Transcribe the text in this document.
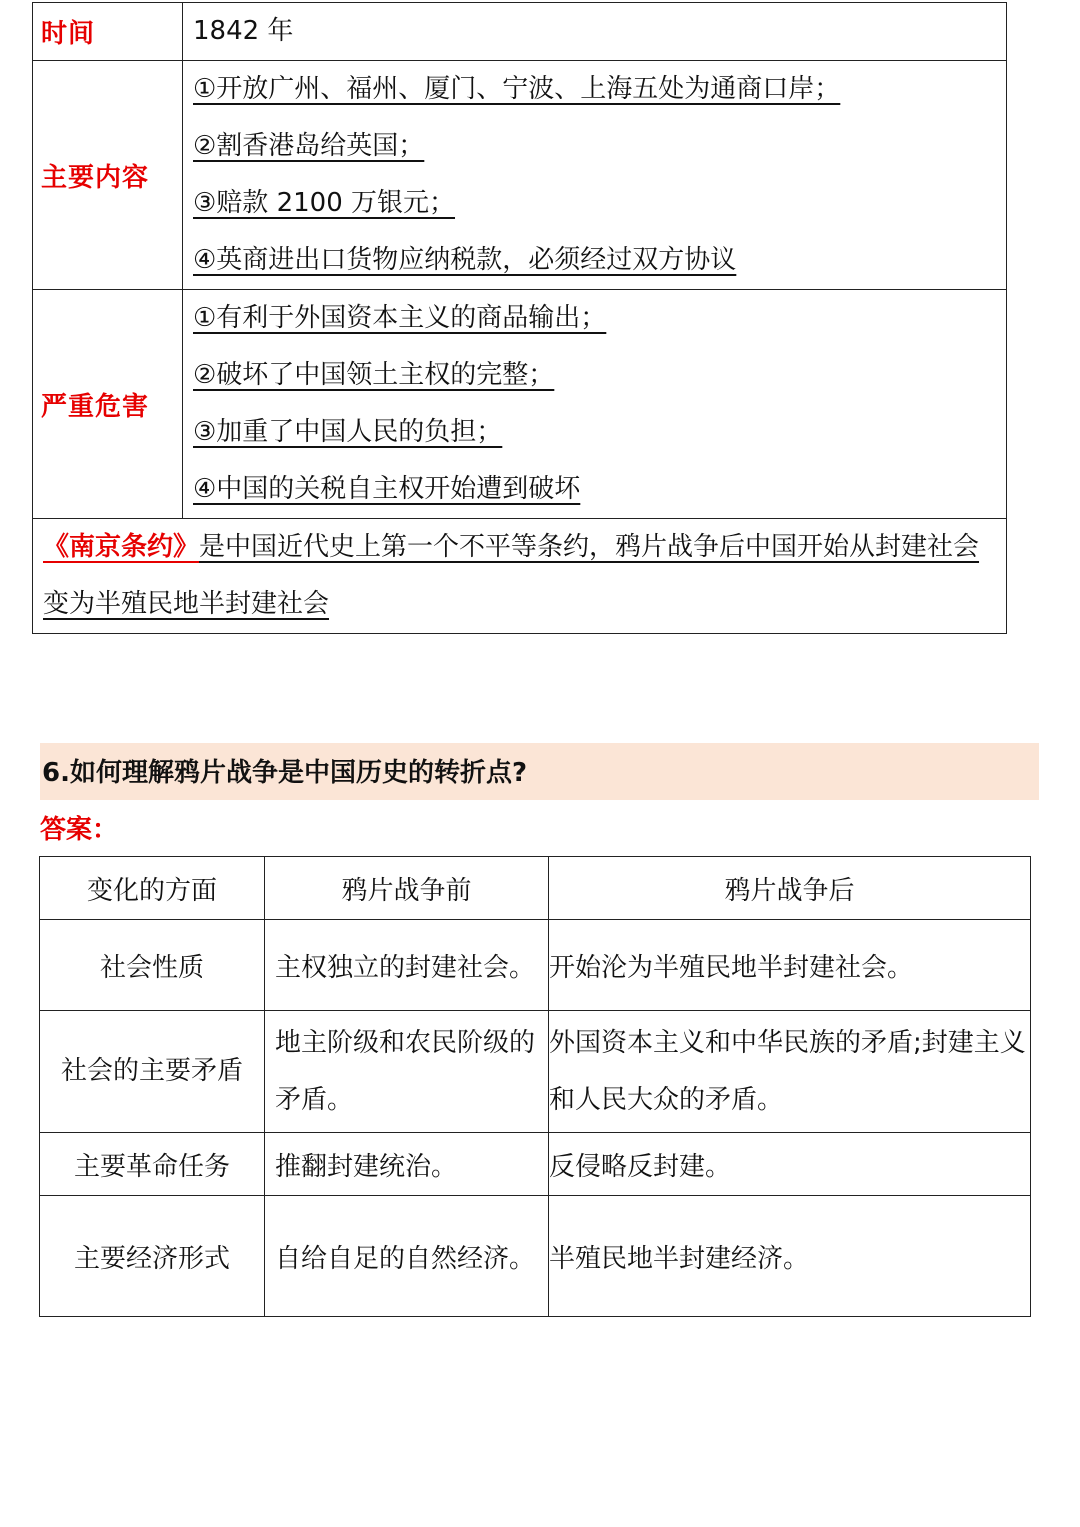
时间	1842 年

主要内容	①开放广州、福州、厦门、宁波、上海五处为通商口岸；
②割香港岛给英国；
③赔款 2100 万银元；
④英商进出口货物应纳税款，必须经过双方协议

严重危害	①有利于外国资本主义的商品输出；
②破坏了中国领土主权的完整；
③加重了中国人民的负担；
④中国的关税自主权开始遭到破坏

《南京条约》是中国近代史上第一个不平等条约，鸦片战争后中国开始从封建社会变为半殖民地半封建社会	
6.如何理解鸦片战争是中国历史的转折点?
答案：
变化的方面	鸦片战争前	鸦片战争后
社会性质	主权独立的封建社会。	开始沦为半殖民地半封建社会。
社会的主要矛盾	地主阶级和农民阶级的矛盾。	外国资本主义和中华民族的矛盾;封建主义和人民大众的矛盾。
主要革命任务	推翻封建统治。	反侵略反封建。
主要经济形式	自给自足的自然经济。	半殖民地半封建经济。
